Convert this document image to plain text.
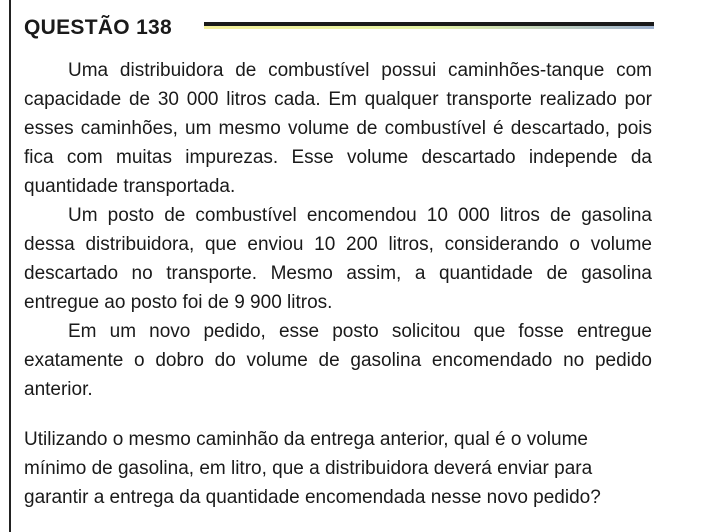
QUESTÃO 138

Uma distribuidora de combustível possui caminhões-tanque com capacidade de 30 000 litros cada. Em qualquer transporte realizado por esses caminhões, um mesmo volume de combustível é descartado, pois fica com muitas impurezas. Esse volume descartado independe da quantidade transportada.

Um posto de combustível encomendou 10 000 litros de gasolina dessa distribuidora, que enviou 10 200 litros, considerando o volume descartado no transporte. Mesmo assim, a quantidade de gasolina entregue ao posto foi de 9 900 litros.

Em um novo pedido, esse posto solicitou que fosse entregue exatamente o dobro do volume de gasolina encomendado no pedido anterior.

Utilizando o mesmo caminhão da entrega anterior, qual é o volume mínimo de gasolina, em litro, que a distribuidora deverá enviar para garantir a entrega da quantidade encomendada nesse novo pedido?
